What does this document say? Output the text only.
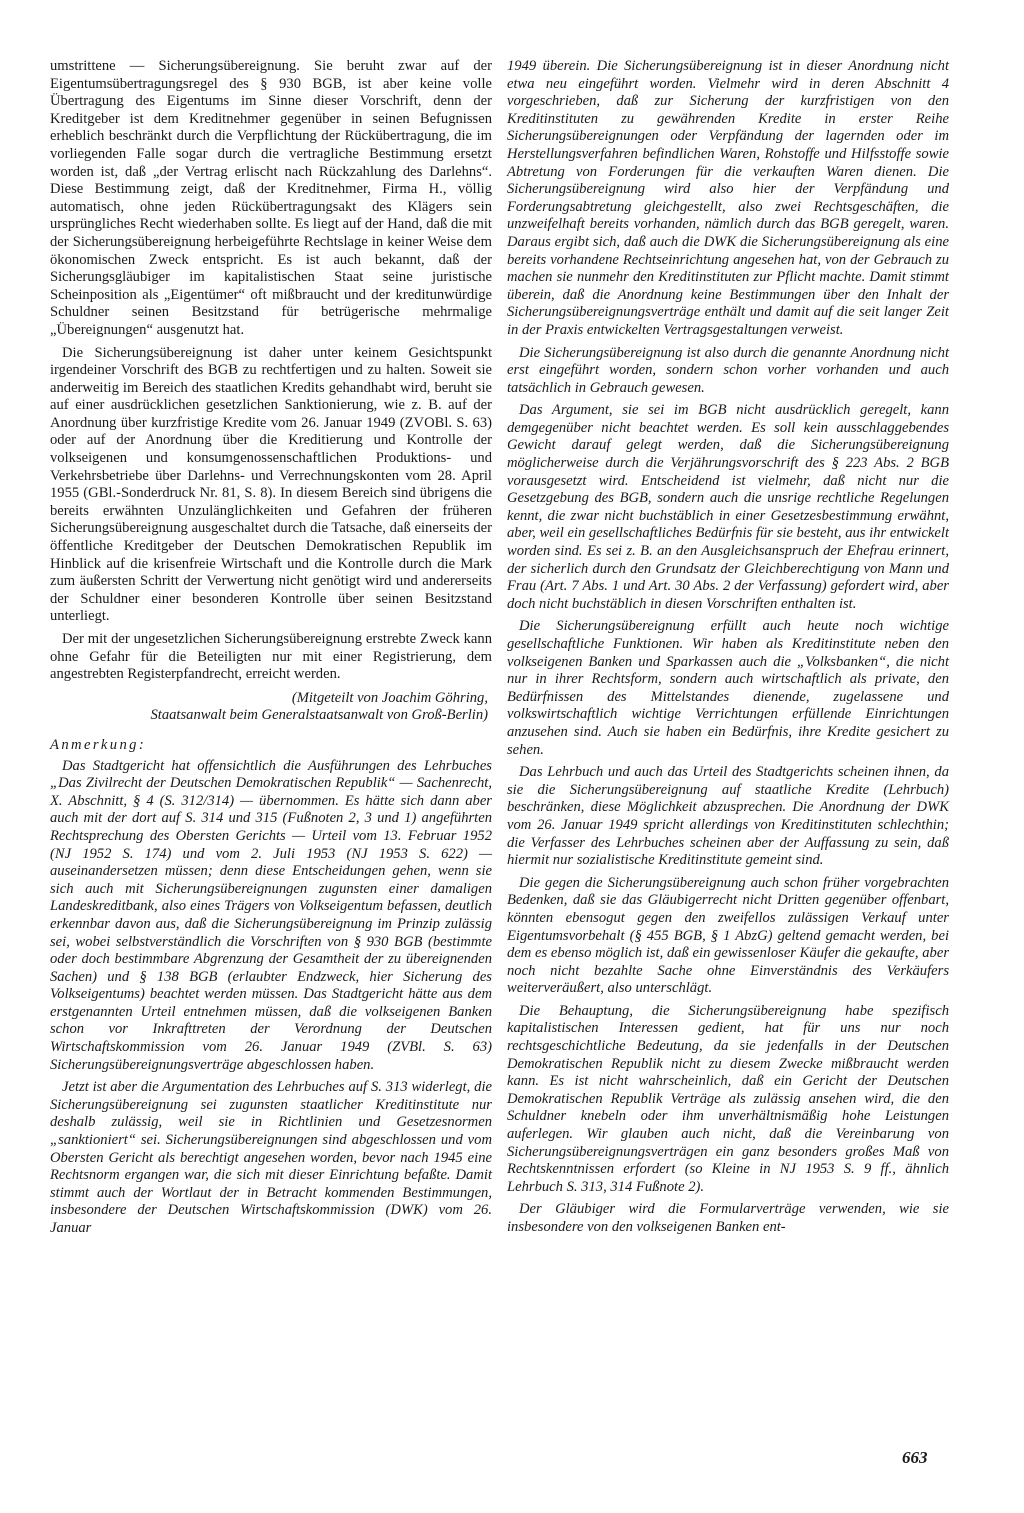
umstrittene — Sicherungsübereignung. Sie beruht zwar auf der Eigentumsübertragungsregel des § 930 BGB, ist aber keine volle Übertragung des Eigentums im Sinne dieser Vorschrift, denn der Kreditgeber ist dem Kreditnehmer gegenüber in seinen Befugnissen erheblich beschränkt durch die Verpflichtung der Rückübertragung, die im vorliegenden Falle sogar durch die vertragliche Bestimmung ersetzt worden ist, daß „der Vertrag erlischt nach Rückzahlung des Darlehns“. Diese Bestimmung zeigt, daß der Kreditnehmer, Firma H., völlig automatisch, ohne jeden Rückübertragungsakt des Klägers sein ursprüngliches Recht wiederhaben sollte. Es liegt auf der Hand, daß die mit der Sicherungsübereignung herbeigeführte Rechtslage in keiner Weise dem ökonomischen Zweck entspricht. Es ist auch bekannt, daß der Sicherungsgläubiger im kapitalistischen Staat seine juristische Scheinposition als „Eigentümer“ oft mißbraucht und der kreditunwürdige Schuldner seinen Besitzstand für betrügerische mehrmalige „Übereignungen“ ausgenutzt hat.

Die Sicherungsübereignung ist daher unter keinem Gesichtspunkt irgendeiner Vorschrift des BGB zu rechtfertigen und zu halten. Soweit sie anderweitig im Bereich des staatlichen Kredits gehandhabt wird, beruht sie auf einer ausdrücklichen gesetzlichen Sanktionierung, wie z. B. auf der Anordnung über kurzfristige Kredite vom 26. Januar 1949 (ZVOBl. S. 63) oder auf der Anordnung über die Kreditierung und Kontrolle der volkseigenen und konsumgenossenschaftlichen Produktions- und Verkehrsbetriebe über Darlehns- und Verrechnungskonten vom 28. April 1955 (GBl.-Sonderdruck Nr. 81, S. 8). In diesem Bereich sind übrigens die bereits erwähnten Unzulänglichkeiten und Gefahren der früheren Sicherungsübereignung ausgeschaltet durch die Tatsache, daß einerseits der öffentliche Kreditgeber der Deutschen Demokratischen Republik im Hinblick auf die krisenfreie Wirtschaft und die Kontrolle durch die Mark zum äußersten Schritt der Verwertung nicht genötigt wird und andererseits der Schuldner einer besonderen Kontrolle über seinen Besitzstand unterliegt.

Der mit der ungesetzlichen Sicherungsübereignung erstrebte Zweck kann ohne Gefahr für die Beteiligten nur mit einer Registrierung, dem angestrebten Registerpfandrecht, erreicht werden.

(Mitgeteilt von Joachim Göhring,
Staatsanwalt beim Generalstaatsanwalt von Groß-Berlin)

Anmerkung:

Das Stadtgericht hat offensichtlich die Ausführungen des Lehrbuches „Das Zivilrecht der Deutschen Demokratischen Republik“ — Sachenrecht, X. Abschnitt, § 4 (S. 312/314) — übernommen. Es hätte sich dann aber auch mit der dort auf S. 314 und 315 (Fußnoten 2, 3 und 1) angeführten Rechtsprechung des Obersten Gerichts — Urteil vom 13. Februar 1952 (NJ 1952 S. 174) und vom 2. Juli 1953 (NJ 1953 S. 622) — auseinandersetzen müssen; denn diese Entscheidungen gehen, wenn sie sich auch mit Sicherungsübereignungen zugunsten einer damaligen Landeskreditbank, also eines Trägers von Volkseigentum befassen, deutlich erkennbar davon aus, daß die Sicherungsübereignung im Prinzip zulässig sei, wobei selbstverständlich die Vorschriften von § 930 BGB (bestimmte oder doch bestimmbare Abgrenzung der Gesamtheit der zu übereignenden Sachen) und § 138 BGB (erlaubter Endzweck, hier Sicherung des Volkseigentums) beachtet werden müssen. Das Stadtgericht hätte aus dem erstgenannten Urteil entnehmen müssen, daß die volkseigenen Banken schon vor Inkrafttreten der Verordnung der Deutschen Wirtschaftskommission vom 26. Januar 1949 (ZVBl. S. 63) Sicherungsübereignungsverträge abgeschlossen haben.

Jetzt ist aber die Argumentation des Lehrbuches auf S. 313 widerlegt, die Sicherungsübereignung sei zugunsten staatlicher Kreditinstitute nur deshalb zulässig, weil sie in Richtlinien und Gesetzesnormen „sanktioniert“ sei. Sicherungsübereignungen sind abgeschlossen und vom Obersten Gericht als berechtigt angesehen worden, bevor nach 1945 eine Rechtsnorm ergangen war, die sich mit dieser Einrichtung befaßte. Damit stimmt auch der Wortlaut der in Betracht kommenden Bestimmungen, insbesondere der Deutschen Wirtschaftskommission (DWK) vom 26. Januar

1949 überein. Die Sicherungsübereignung ist in dieser Anordnung nicht etwa neu eingeführt worden. Vielmehr wird in deren Abschnitt 4 vorgeschrieben, daß zur Sicherung der kurzfristigen von den Kreditinstituten zu gewährenden Kredite in erster Reihe Sicherungsübereignungen oder Verpfändung der lagernden oder im Herstellungsverfahren befindlichen Waren, Rohstoffe und Hilfsstoffe sowie Abtretung von Forderungen für die verkauften Waren dienen. Die Sicherungsübereignung wird also hier der Verpfändung und Forderungsabtretung gleichgestellt, also zwei Rechtsgeschäften, die unzweifelhaft bereits vorhanden, nämlich durch das BGB geregelt, waren. Daraus ergibt sich, daß auch die DWK die Sicherungsübereignung als eine bereits vorhandene Rechtseinrichtung angesehen hat, von der Gebrauch zu machen sie nunmehr den Kreditinstituten zur Pflicht machte. Damit stimmt überein, daß die Anordnung keine Bestimmungen über den Inhalt der Sicherungsübereignungsverträge enthält und damit auf die seit langer Zeit in der Praxis entwickelten Vertragsgestaltungen verweist.

Die Sicherungsübereignung ist also durch die genannte Anordnung nicht erst eingeführt worden, sondern schon vorher vorhanden und auch tatsächlich in Gebrauch gewesen.

Das Argument, sie sei im BGB nicht ausdrücklich geregelt, kann demgegenüber nicht beachtet werden. Es soll kein ausschlaggebendes Gewicht darauf gelegt werden, daß die Sicherungsübereignung möglicherweise durch die Verjährungsvorschrift des § 223 Abs. 2 BGB vorausgesetzt wird. Entscheidend ist vielmehr, daß nicht nur die Gesetzgebung des BGB, sondern auch die unsrige rechtliche Regelungen kennt, die zwar nicht buchstäblich in einer Gesetzesbestimmung erwähnt, aber, weil ein gesellschaftliches Bedürfnis für sie besteht, aus ihr entwickelt worden sind. Es sei z. B. an den Ausgleichsanspruch der Ehefrau erinnert, der sicherlich durch den Grundsatz der Gleichberechtigung von Mann und Frau (Art. 7 Abs. 1 und Art. 30 Abs. 2 der Verfassung) gefordert wird, aber doch nicht buchstäblich in diesen Vorschriften enthalten ist.

Die Sicherungsübereignung erfüllt auch heute noch wichtige gesellschaftliche Funktionen. Wir haben als Kreditinstitute neben den volkseigenen Banken und Sparkassen auch die „Volksbanken“, die nicht nur in ihrer Rechtsform, sondern auch wirtschaftlich als private, den Bedürfnissen des Mittelstandes dienende, zugelassene und volkswirtschaftlich wichtige Verrichtungen erfüllende Einrichtungen anzusehen sind. Auch sie haben ein Bedürfnis, ihre Kredite gesichert zu sehen.

Das Lehrbuch und auch das Urteil des Stadtgerichts scheinen ihnen, da sie die Sicherungsübereignung auf staatliche Kredite (Lehrbuch) beschränken, diese Möglichkeit abzusprechen. Die Anordnung der DWK vom 26. Januar 1949 spricht allerdings von Kreditinstituten schlechthin; die Verfasser des Lehrbuches scheinen aber der Auffassung zu sein, daß hiermit nur sozialistische Kreditinstitute gemeint sind.

Die gegen die Sicherungsübereignung auch schon früher vorgebrachten Bedenken, daß sie das Gläubigerrecht nicht Dritten gegenüber offenbart, könnten ebensogut gegen den zweifellos zulässigen Verkauf unter Eigentumsvorbehalt (§ 455 BGB, § 1 AbzG) geltend gemacht werden, bei dem es ebenso möglich ist, daß ein gewissenloser Käufer die gekaufte, aber noch nicht bezahlte Sache ohne Einverständnis des Verkäufers weiterveräußert, also unterschlägt.

Die Behauptung, die Sicherungsübereignung habe spezifisch kapitalistischen Interessen gedient, hat für uns nur noch rechtsgeschichtliche Bedeutung, da sie jedenfalls in der Deutschen Demokratischen Republik nicht zu diesem Zwecke mißbraucht werden kann. Es ist nicht wahrscheinlich, daß ein Gericht der Deutschen Demokratischen Republik Verträge als zulässig ansehen wird, die den Schuldner knebeln oder ihm unverhältnismäßig hohe Leistungen auferlegen. Wir glauben auch nicht, daß die Vereinbarung von Sicherungsübereignungsverträgen ein ganz besonders großes Maß von Rechtskenntnissen erfordert (so Kleine in NJ 1953 S. 9 ff., ähnlich Lehrbuch S. 313, 314 Fußnote 2).

Der Gläubiger wird die Formularverträge verwenden, wie sie insbesondere von den volkseigenen Banken ent-

663
